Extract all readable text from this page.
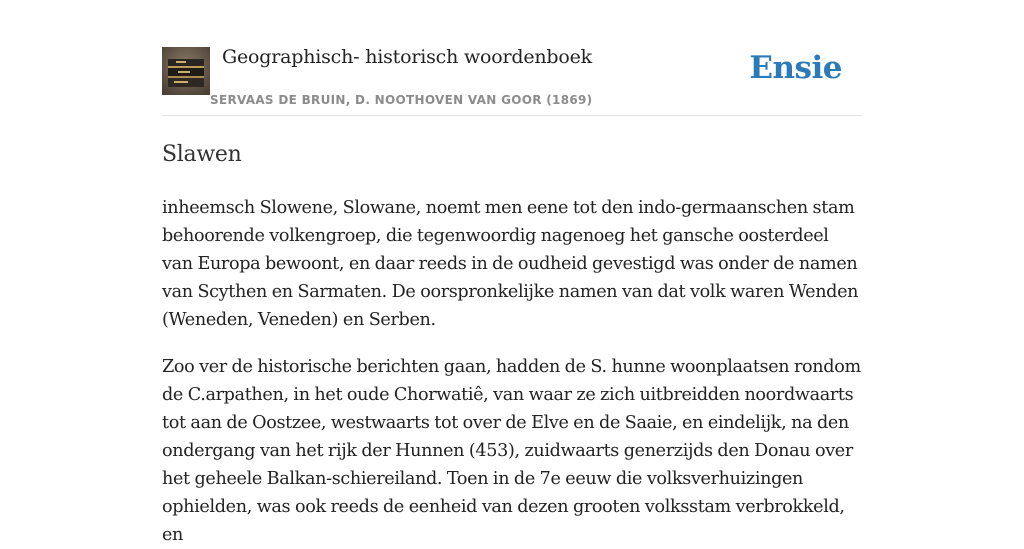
Geographisch- historisch woordenboek
SERVAAS DE BRUIN, D. NOOTHOVEN VAN GOOR (1869)
Ensie
Slawen

inheemsch Slowene, Slowane, noemt men eene tot den indo-germaanschen stam behoorende volkengroep, die tegenwoordig nagenoeg het gansche oosterdeel van Europa bewoont, en daar reeds in de oudheid gevestigd was onder de namen van Scythen en Sarmaten. De oorspronkelijke namen van dat volk waren Wenden (Weneden, Veneden) en Serben.

Zoo ver de historische berichten gaan, hadden de S. hunne woonplaatsen rondom de C.arpathen, in het oude Chorwatiê, van waar ze zich uitbreidden noordwaarts tot aan de Oostzee, westwaarts tot over de Elve en de Saaie, en eindelijk, na den ondergang van het rijk der Hunnen (453), zuidwaarts generzijds den Donau over het geheele Balkan-schiereiland. Toen in de 7e eeuw die volksverhuizingen ophielden, was ook reeds de eenheid van dezen grooten volksstam verbrokkeld, en
